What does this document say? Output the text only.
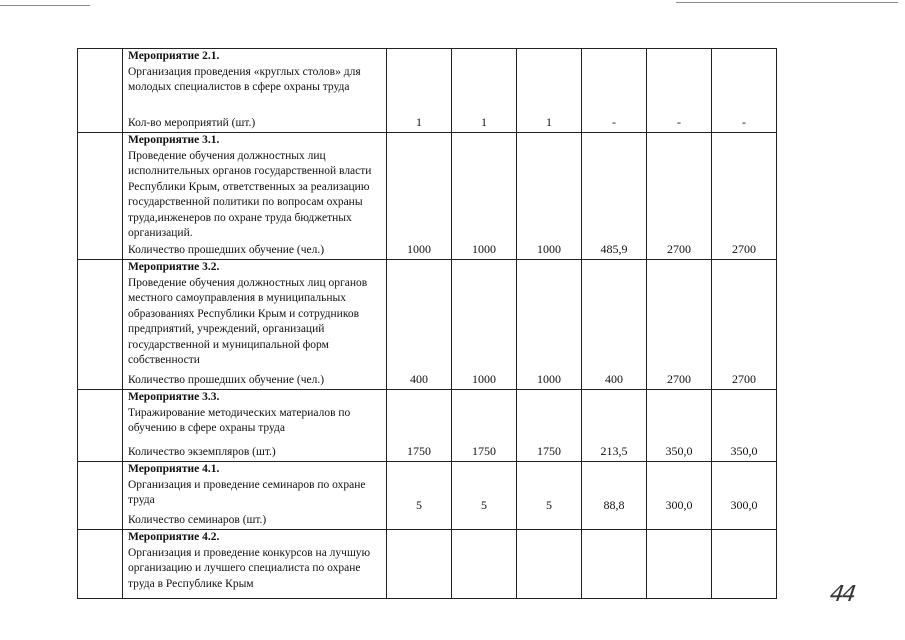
	Мероприятие 2.1.
Организация проведения «круглых столов» для молодых специалистов в сфере охраны труда
Кол-во мероприятий (шт.)	1	1	1	-	-	-

	Мероприятие 3.1.
Проведение обучения должностных лиц исполнительных органов государственной власти Республики Крым, ответственных за реализацию государственной политики по вопросам охраны труда,инженеров по охране труда бюджетных организаций.
Количество прошедших обучение (чел.)	1000	1000	1000	485,9	2700	2700

	Мероприятие 3.2.
Проведение обучения должностных лиц органов местного самоуправления в муниципальных образованиях Республики Крым и сотрудников предприятий, учреждений, организаций государственной и муниципальной форм собственности
Количество прошедших обучение (чел.)	400	1000	1000	400	2700	2700

	Мероприятие 3.3.
Тиражирование методических материалов по обучению в сфере охраны труда
Количество экземпляров (шт.)	1750	1750	1750	213,5	350,0	350,0

	Мероприятие 4.1.
Организация и проведение семинаров по охране труда
Количество семинаров (шт.)	5	5	5	88,8	300,0	300,0

	Мероприятие 4.2.
Организация и проведение конкурсов на лучшую организацию и лучшего специалиста по охране труда в Республике Крым						

		44
